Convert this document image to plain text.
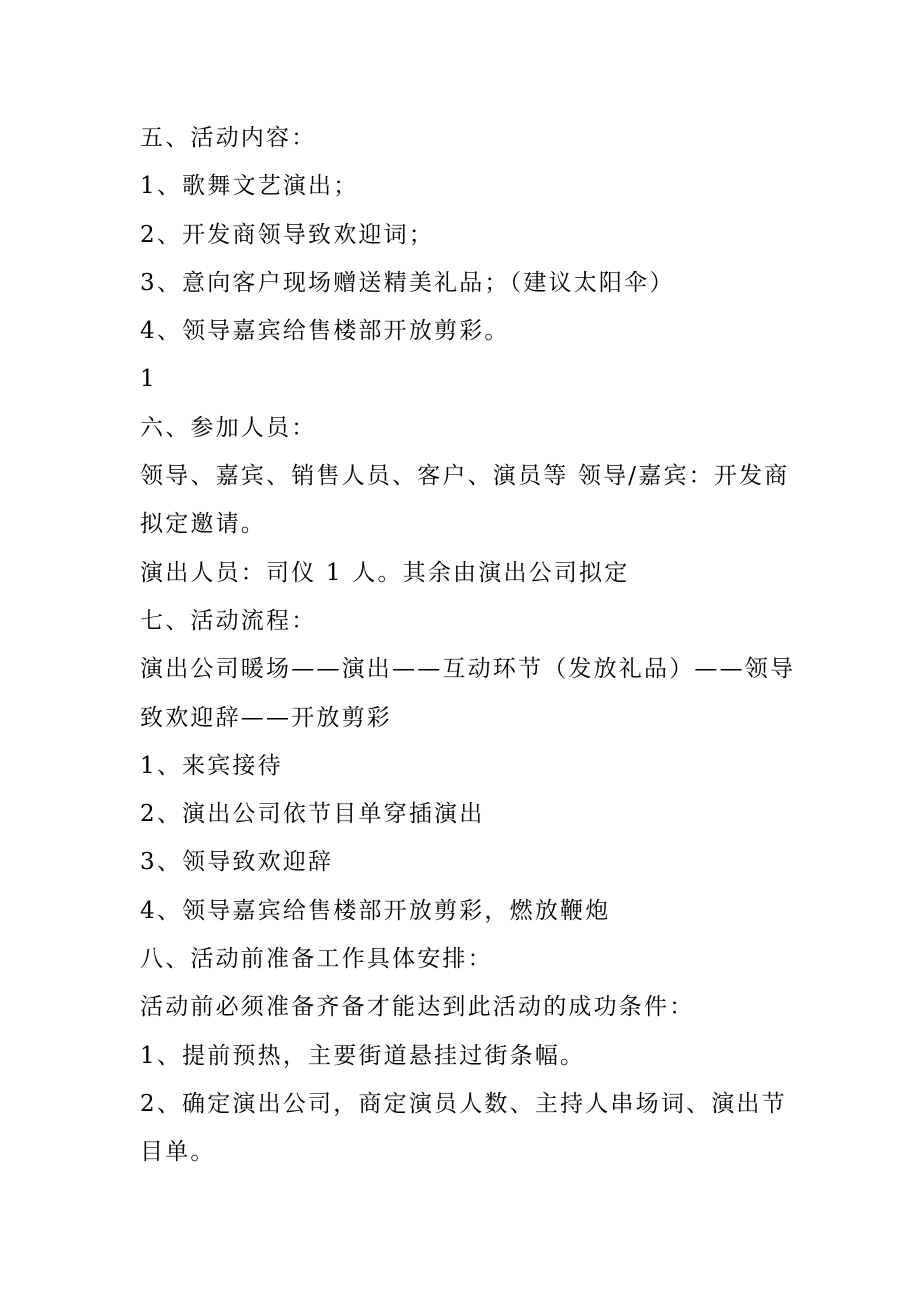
五、活动内容：
1、歌舞文艺演出；
2、开发商领导致欢迎词；
3、意向客户现场赠送精美礼品；（建议太阳伞）
4、领导嘉宾给售楼部开放剪彩。
1
六、参加人员：
领导、嘉宾、销售人员、客户、演员等 领导/嘉宾：开发商
拟定邀请。
演出人员：司仪 1 人。其余由演出公司拟定
七、活动流程：
演出公司暖场——演出——互动环节（发放礼品）——领导
致欢迎辞——开放剪彩
1、来宾接待
2、演出公司依节目单穿插演出
3、领导致欢迎辞
4、领导嘉宾给售楼部开放剪彩，燃放鞭炮
八、活动前准备工作具体安排：
活动前必须准备齐备才能达到此活动的成功条件：
1、提前预热，主要街道悬挂过街条幅。
2、确定演出公司，商定演员人数、主持人串场词、演出节
目单。
